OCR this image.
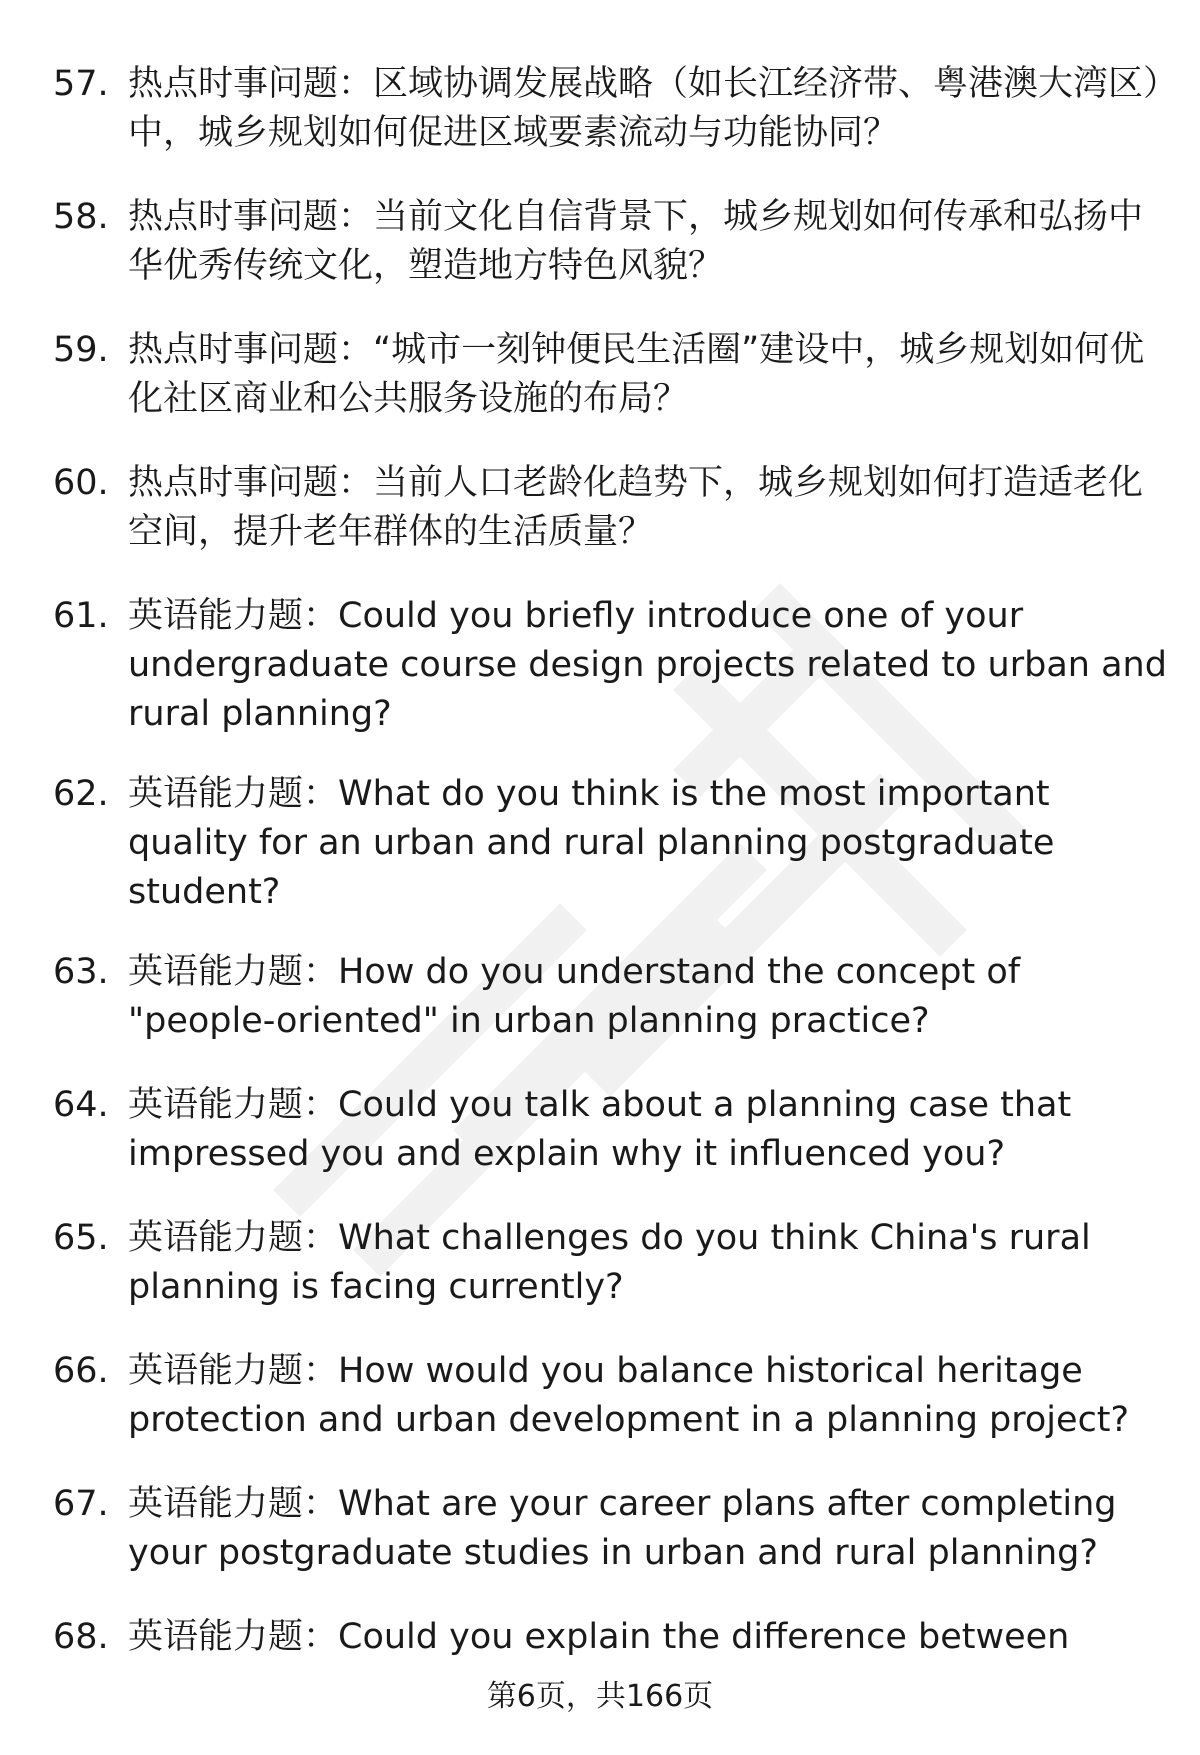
57. 热点时事问题：区域协调发展战略（如长江经济带、粤港澳大湾区）中，城乡规划如何促进区域要素流动与功能协同？
58. 热点时事问题：当前文化自信背景下，城乡规划如何传承和弘扬中华优秀传统文化，塑造地方特色风貌？
59. 热点时事问题：“城市一刻钟便民生活圈”建设中，城乡规划如何优化社区商业和公共服务设施的布局？
60. 热点时事问题：当前人口老龄化趋势下，城乡规划如何打造适老化空间，提升老年群体的生活质量？
61. 英语能力题：Could you briefly introduce one of your undergraduate course design projects related to urban and rural planning?
62. 英语能力题：What do you think is the most important quality for an urban and rural planning postgraduate student?
63. 英语能力题：How do you understand the concept of "people-oriented" in urban planning practice?
64. 英语能力题：Could you talk about a planning case that impressed you and explain why it influenced you?
65. 英语能力题：What challenges do you think China's rural planning is facing currently?
66. 英语能力题：How would you balance historical heritage protection and urban development in a planning project?
67. 英语能力题：What are your career plans after completing your postgraduate studies in urban and rural planning?
68. 英语能力题：Could you explain the difference between
第6页，共166页
